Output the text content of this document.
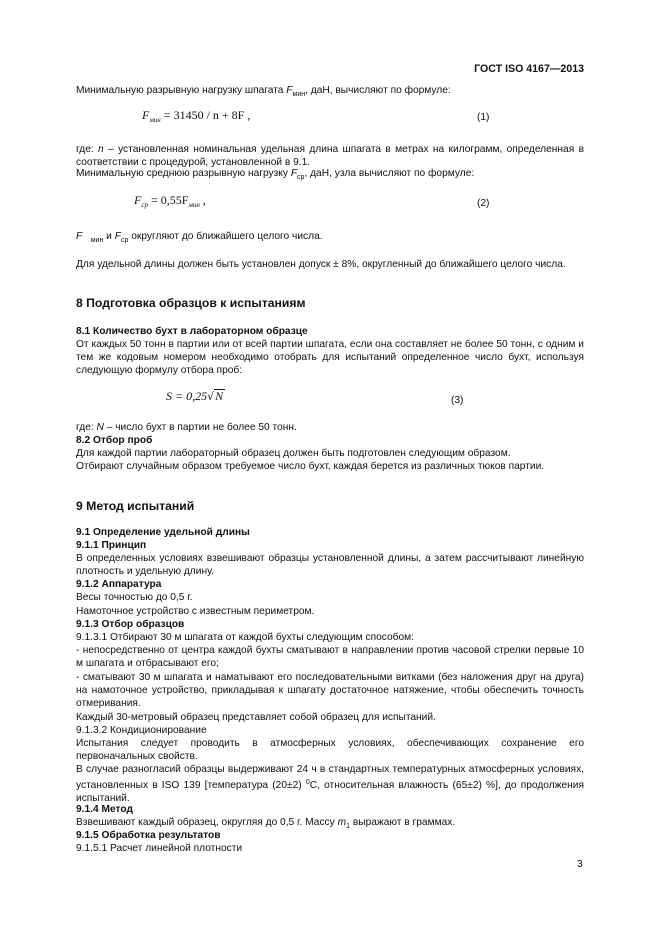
ГОСТ ISO 4167—2013

Минимальную разрывную нагрузку шпагата $F_{мин}$, даН, вычисляют по формуле:

$F_{мин} = 31450 / n + 8F$ ,	(1)

где: n – установленная номинальная удельная длина шпагата в метрах на килограмм, определенная в соответствии с процедурой, установленной в 9.1.

Минимальную среднюю разрывную нагрузку $F_{ср}$, даН, узла вычисляют по формуле:

$F_{ср} = 0,55F_{мин}$ ,	(2)

F $_{мин}$ и $F_{ср}$ округляют до ближайшего целого числа.

Для удельной длины должен быть установлен допуск ± 8%, округленный до ближайшего целого числа.

8 Подготовка образцов к испытаниям
8.1 Количество бухт в лабораторном образце

От каждых 50 тонн в партии или от всей партии шпагата, если она составляет не более 50 тонн, с одним и тем же кодовым номером необходимо отобрать для испытаний определенное число бухт, используя следующую формулу отбора проб:

S = 0,25√N	(3)

где: N – число бухт в партии не более 50 тонн.

8.2 Отбор проб

Для каждой партии лабораторный образец должен быть подготовлен следующим образом.

Отбирают случайным образом требуемое число бухт, каждая берется из различных тюков партии.

9 Метод испытаний
9.1 Определение удельной длины
9.1.1 Принцип

В определенных условиях взвешивают образцы установленной длины, а затем рассчитывают линейную плотность и удельную длину.

9.1.2 Аппаратура

Весы точностью до 0,5 г.

Намоточное устройство с известным периметром.

9.1.3 Отбор образцов

9.1.3.1 Отбирают 30 м шпагата от каждой бухты следующим способом:

- непосредственно от центра каждой бухты сматывают в направлении против часовой стрелки первые 10 м шпагата и отбрасывают его;

- сматывают 30 м шпагата и наматывают его последовательными витками (без наложения друг на друга) на намоточное устройство, прикладывая к шпагату достаточное натяжение, чтобы обеспечить точность отмеривания.

Каждый 30-метровый образец представляет собой образец для испытаний.

9.1.3.2 Кондиционирование

Испытания следует проводить в атмосферных условиях, обеспечивающих сохранение его первоначальных свойств.

В случае разногласий образцы выдерживают 24 ч в стандартных температурных атмосферных условиях, установленных в ISO 139 [температура (20±2) $^0$С, относительная влажность (65±2) %], до продолжения испытаний.

9.1.4 Метод

Взвешивают каждый образец, округляя до 0,5 г. Массу $m_1$ выражают в граммах.

9.1.5 Обработка результатов

9.1.5.1 Расчет линейной плотности

3
